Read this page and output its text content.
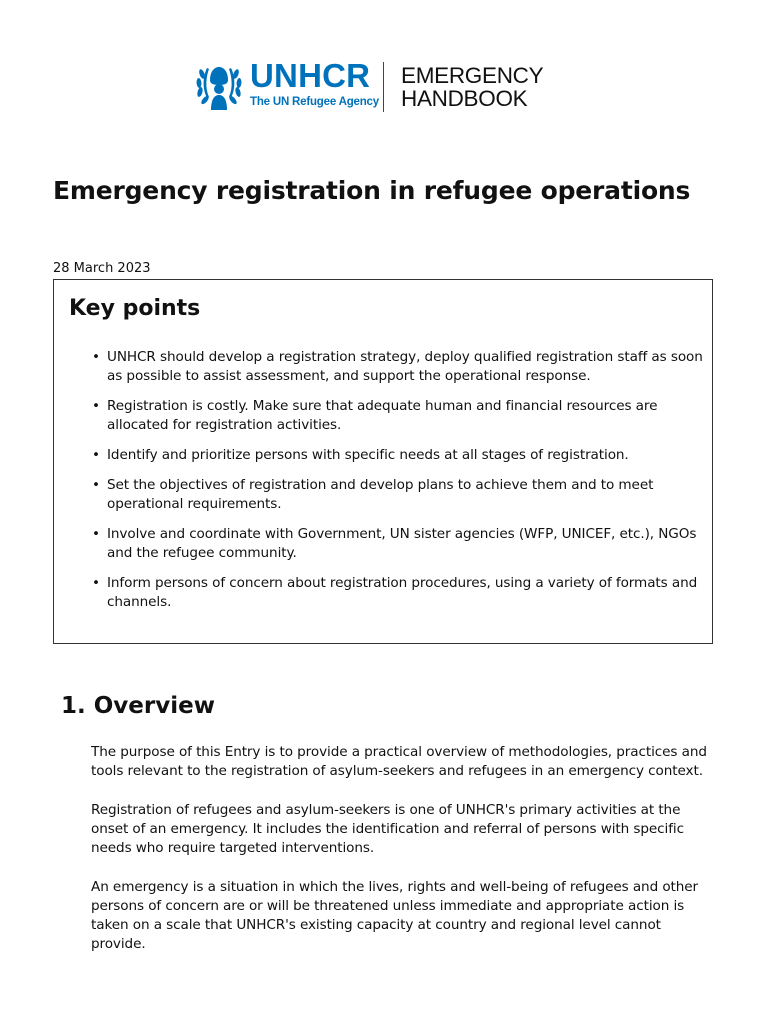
UNHCR
The UN Refugee Agency
EMERGENCY
HANDBOOK
Emergency registration in refugee operations
28 March 2023
Key points
• UNHCR should develop a registration strategy, deploy qualified registration staff as soon as possible to assist assessment, and support the operational response.
• Registration is costly. Make sure that adequate human and financial resources are allocated for registration activities.
• Identify and prioritize persons with specific needs at all stages of registration.
• Set the objectives of registration and develop plans to achieve them and to meet operational requirements.
• Involve and coordinate with Government, UN sister agencies (WFP, UNICEF, etc.), NGOs and the refugee community.
• Inform persons of concern about registration procedures, using a variety of formats and channels.
1. Overview

The purpose of this Entry is to provide a practical overview of methodologies, practices and tools relevant to the registration of asylum-seekers and refugees in an emergency context.

Registration of refugees and asylum-seekers is one of UNHCR's primary activities at the onset of an emergency. It includes the identification and referral of persons with specific needs who require targeted interventions.

An emergency is a situation in which the lives, rights and well-being of refugees and other persons of concern are or will be threatened unless immediate and appropriate action is taken on a scale that UNHCR's existing capacity at country and regional level cannot provide.
